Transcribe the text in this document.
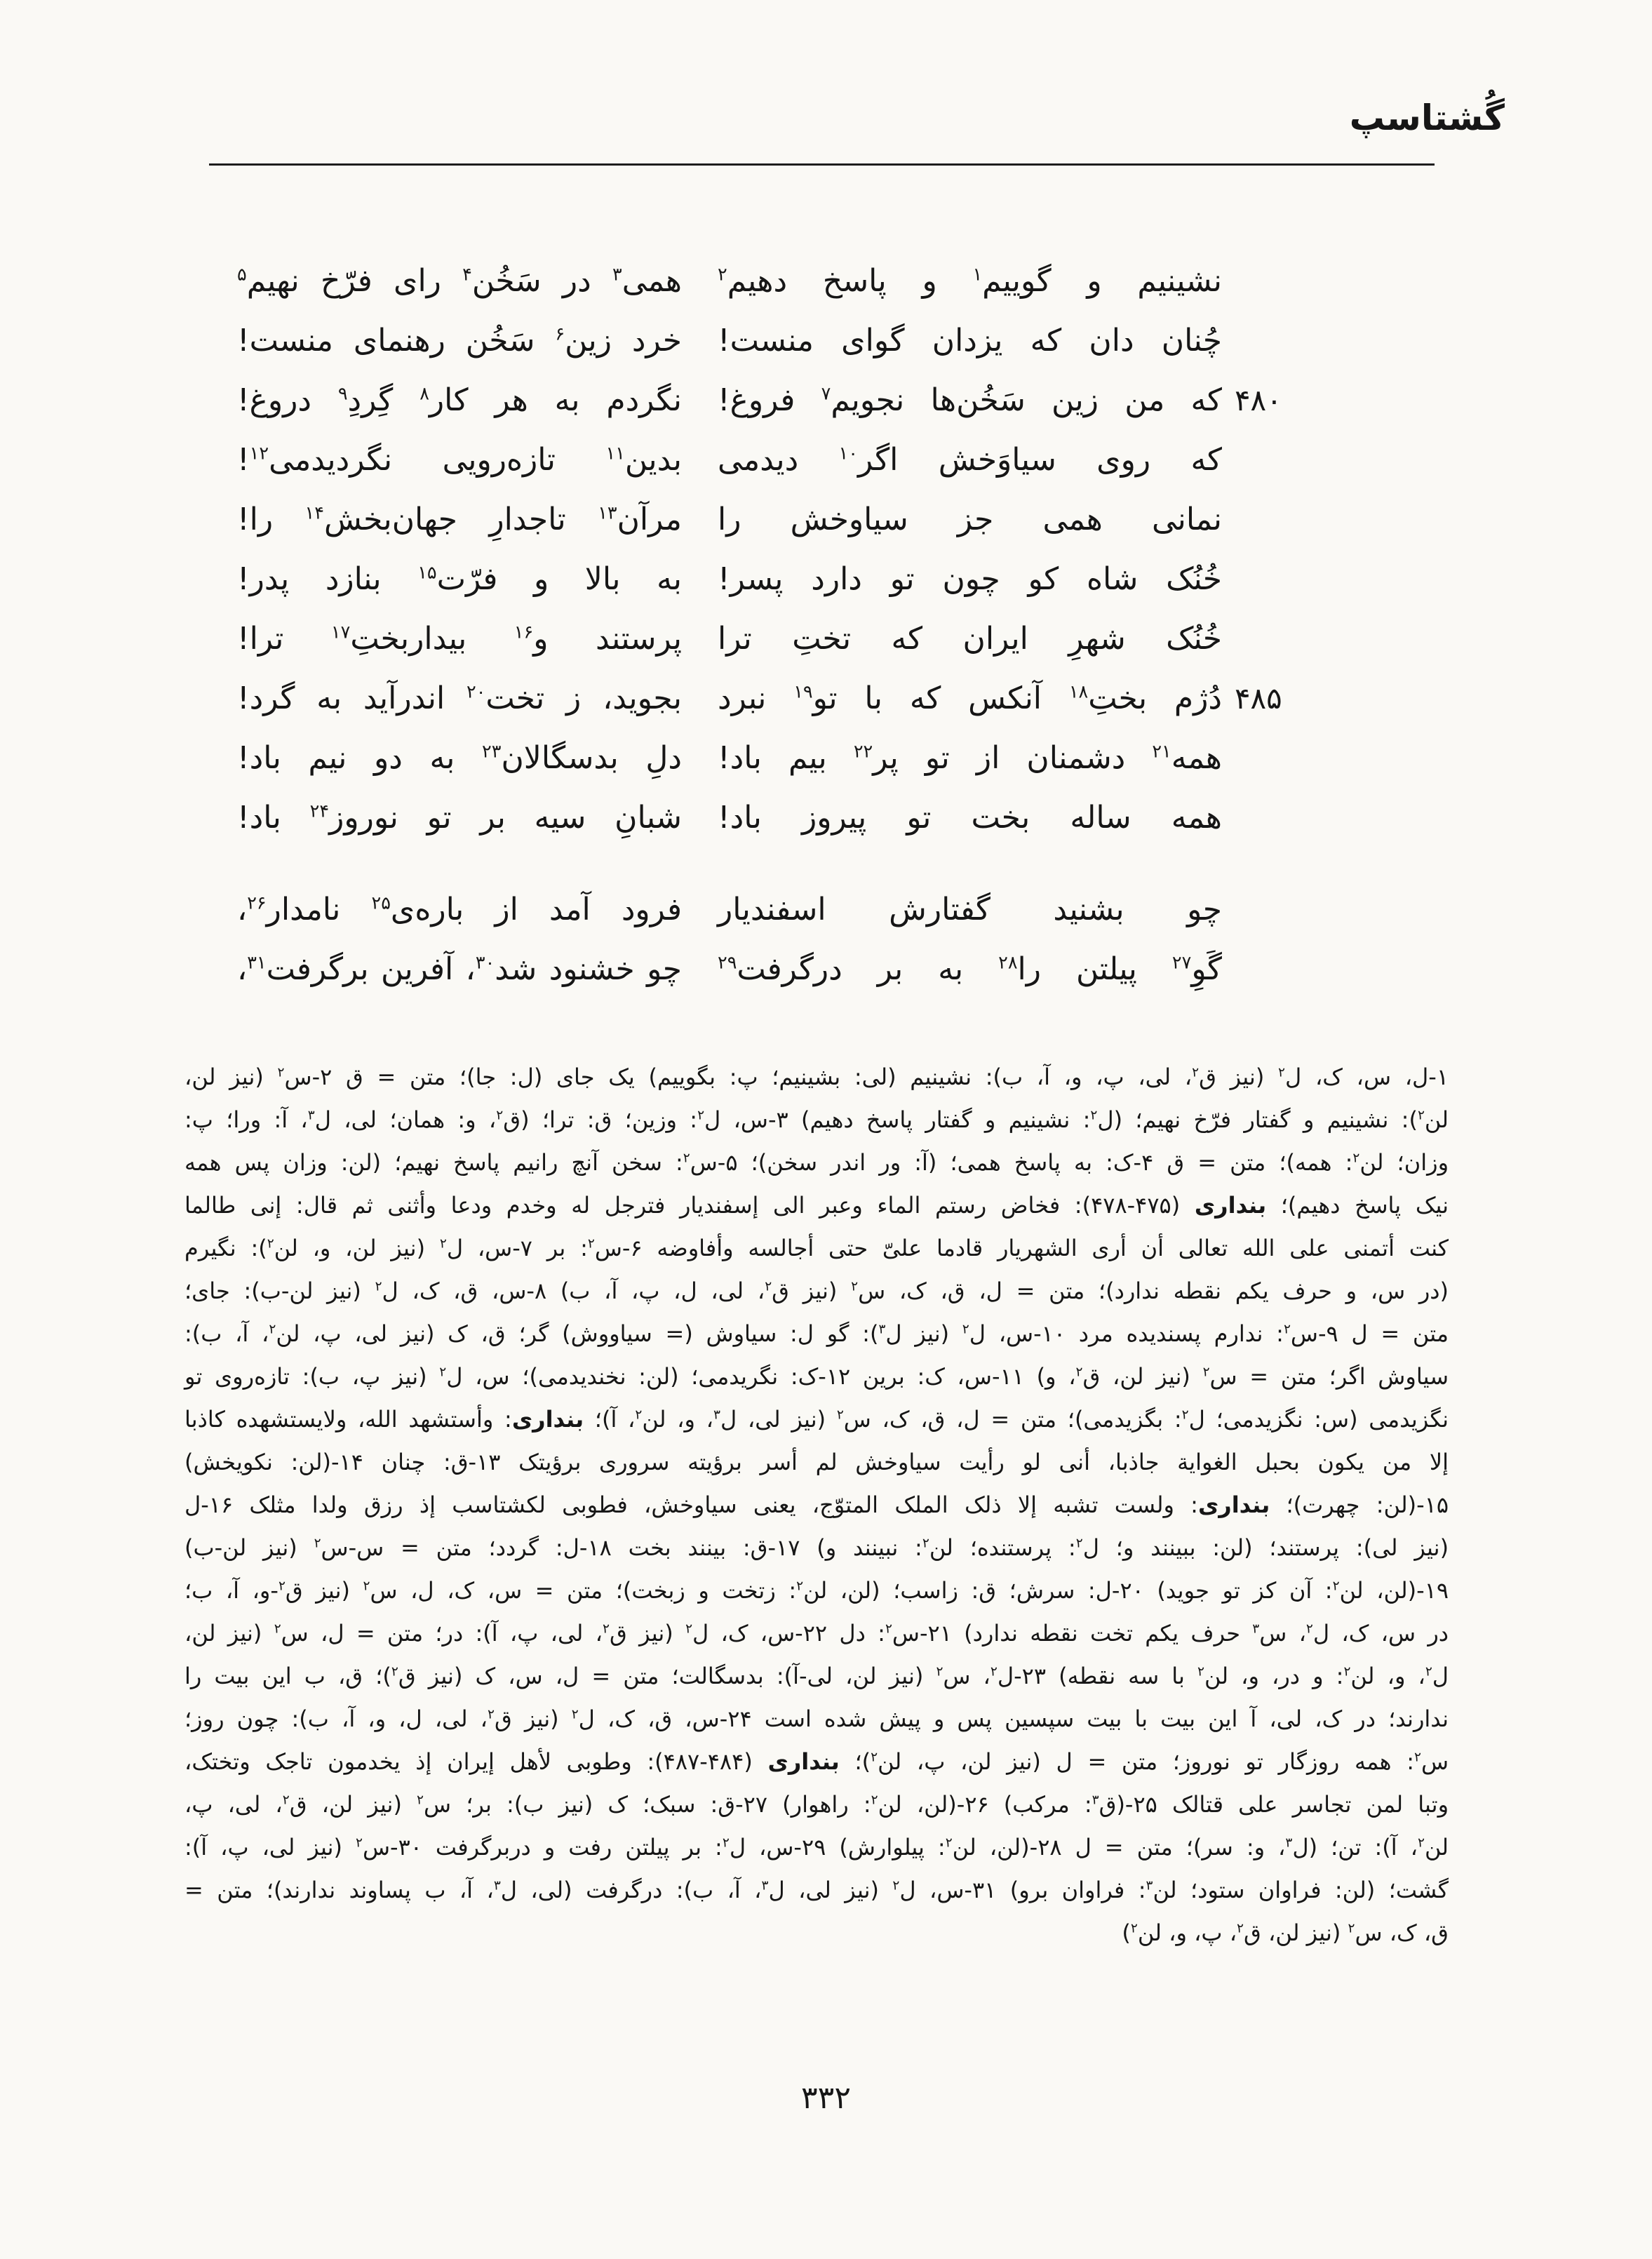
گُشتاسپ
نشینیم و گوییم$^۱$ و پاسخ دهیم$^۲$
همی$^۳$ در سَخُن$^۴$ رای فرّخ نهیم$^۵$
چُنان دان که یزدان گوای منست!
خرد زین$^۶$ سَخُن رهنمای منست!
۴۸۰
که من زین سَخُن‌ها نجویم$^۷$ فروغ!
نگردم به هر کار$^۸$ گِردِ$^۹$ دروغ!
که روی سیاوَخش اگر$^{۱۰}$ دیدمی
بدین$^{۱۱}$ تازه‌رویی نگردیدمی$^{۱۲}$!
نمانی همی جز سیاوخش را
مرآن$^{۱۳}$ تاجدارِ جهان‌بخش$^{۱۴}$ را!
خُنُک شاه کو چون تو دارد پسر!
به بالا و فرّت$^{۱۵}$ بنازد پدر!
خُنُک شهرِ ایران که تختِ ترا
پرستند و$^{۱۶}$ بیداربختِ$^{۱۷}$ ترا!
۴۸۵
دُژم بختِ$^{۱۸}$ آنکس که با تو$^{۱۹}$ نبرد
بجوید، ز تخت$^{۲۰}$ اندرآید به گرد!
همه$^{۲۱}$ دشمنان از تو پر$^{۲۲}$ بیم باد!
دلِ بدسگالان$^{۲۳}$ به دو نیم باد!
همه ساله بخت تو پیروز باد!
شبانِ سیه بر تو نوروز$^{۲۴}$ باد!
چو بشنید گفتارش اسفندیار
فرود آمد از باره‌ی$^{۲۵}$ نامدار$^{۲۶}$،
گَوِ$^{۲۷}$ پیلتن را$^{۲۸}$ به بر درگرفت$^{۲۹}$
چو خشنود شد$^{۳۰}$، آفرین برگرفت$^{۳۱}$،
۱-ل، س، ک، ل$^۲$ (نیز ق$^۲$، لی، پ، و، آ، ب): نشینیم (لی: بشینیم؛ پ: بگوییم) یک جای (ل: جا)؛ متن = ق ۲-س$^۲$ (نیز لن،
لن$^۲$): نشینیم و گفتار فرّخ نهیم؛ (ل$^۲$: نشینیم و گفتار پاسخ دهیم) ۳-س، ل$^۲$: وزین؛ ق: ترا؛ (ق$^۲$، و: همان؛ لی، ل$^۳$، آ: ورا؛ پ:
وزان؛ لن$^۲$: همه)؛ متن = ق ۴-ک: به پاسخ همی؛ (آ: ور اندر سخن)؛ ۵-س$^۲$: سخن آنچ رانیم پاسخ نهیم؛ (لن: وزان پس همه
نیک پاسخ دهیم)؛ بنداری (۴۷۵-۴۷۸): فخاض رستم الماء وعبر الی إسفندیار فترجل له وخدم ودعا وأثنی ثم قال: إنی طالما
کنت أتمنی علی الله تعالی أن أری الشهریار قادما علیّ حتی أجالسه وأفاوضه ۶-س$^۲$: بر ۷-س، ل$^۲$ (نیز لن، و، لن$^۲$): نگیرم
(در س، و حرف یکم نقطه ندارد)؛ متن = ل، ق، ک، س$^۲$ (نیز ق$^۲$، لی، ل، پ، آ، ب) ۸-س، ق، ک، ل$^۲$ (نیز لن-ب): جای؛
متن = ل ۹-س$^۲$: ندارم پسندیده مرد ۱۰-س، ل$^۲$ (نیز ل$^۳$): گو ل: سیاوش (= سیاووش) گر؛ ق، ک (نیز لی، پ، لن$^۲$، آ، ب):
سیاوش اگر؛ متن = س$^۲$ (نیز لن، ق$^۲$، و) ۱۱-س، ک: برین ۱۲-ک: نگریدمی؛ (لن: نخندیدمی)؛ س، ل$^۲$ (نیز پ، ب): تازه‌روی تو
نگزیدمی (س: نگزیدمی؛ ل$^۲$: بگزیدمی)؛ متن = ل، ق، ک، س$^۲$ (نیز لی، ل$^۳$، و، لن$^۲$، آ)؛ بنداری: وأستشهد الله، ولایستشهده کاذبا
إلا من یکون بحبل الغوایة جاذبا، أنی لو رأیت سیاوخش لم أسر برؤیته سروری برؤیتک ۱۳-ق: چنان ۱۴-(لن: نکویخش)
۱۵-(لن: چهرت)؛ بنداری: ولست تشبه إلا ذلک الملک المتوّج، یعنی سیاوخش، فطوبی لکشتاسب إذ رزق ولدا مثلک ۱۶-ل
(نیز لی): پرستند؛ (لن: ببینند و؛ ل$^۲$: پرستنده؛ لن$^۲$: نبینند و) ۱۷-ق: بینند بخت ۱۸-ل: گردد؛ متن = س-س$^۲$ (نیز لن-ب)
۱۹-(لن، لن$^۲$: آن کز تو جوید) ۲۰-ل: سرش؛ ق: زاسب؛ (لن، لن$^۲$: زتخت و زبخت)؛ متن = س، ک، ل، س$^۲$ (نیز ق$^۲$-و، آ، ب؛
در س، ک، ل$^۲$، س$^۳$ حرف یکم تخت نقطه ندارد) ۲۱-س$^۲$: دل ۲۲-س، ک، ل$^۲$ (نیز ق$^۲$، لی، پ، آ): در؛ متن = ل، س$^۲$ (نیز لن،
ل$^۲$، و، لن$^۲$: و در، و، لن$^۲$ با سه نقطه) ۲۳-ل$^۲$، س$^۲$ (نیز لن، لی-آ): بدسگالت؛ متن = ل، س، ک (نیز ق$^۲$)؛ ق، ب این بیت را
ندارند؛ در ک، لی، آ این بیت با بیت سپسین پس و پیش شده است ۲۴-س، ق، ک، ل$^۲$ (نیز ق$^۲$، لی، ل، و، آ، ب): چون روز؛
س$^۲$: همه روزگار تو نوروز؛ متن = ل (نیز لن، پ، لن$^۲$)؛ بنداری (۴۸۴-۴۸۷): وطوبی لأهل إیران إذ یخدمون تاجک وتختک،
وتبا لمن تجاسر علی قتالک ۲۵-(ق$^۳$: مرکب) ۲۶-(لن، لن$^۲$: راهوار) ۲۷-ق: سبک؛ ک (نیز ب): بر؛ س$^۲$ (نیز لن، ق$^۲$، لی، پ،
لن$^۲$، آ): تن؛ (ل$^۳$، و: سر)؛ متن = ل ۲۸-(لن، لن$^۲$: پیلوارش) ۲۹-س، ل$^۲$: بر پیلتن رفت و دربرگرفت ۳۰-س$^۲$ (نیز لی، پ، آ):
گشت؛ (لن: فراوان ستود؛ لن$^۳$: فراوان برو) ۳۱-س، ل$^۲$ (نیز لی، ل$^۳$، آ، ب): درگرفت (لی، ل$^۳$، آ، ب پساوند ندارند)؛ متن =
ق، ک، س$^۲$ (نیز لن، ق$^۲$، پ، و، لن$^۲$)
۳۳۲
